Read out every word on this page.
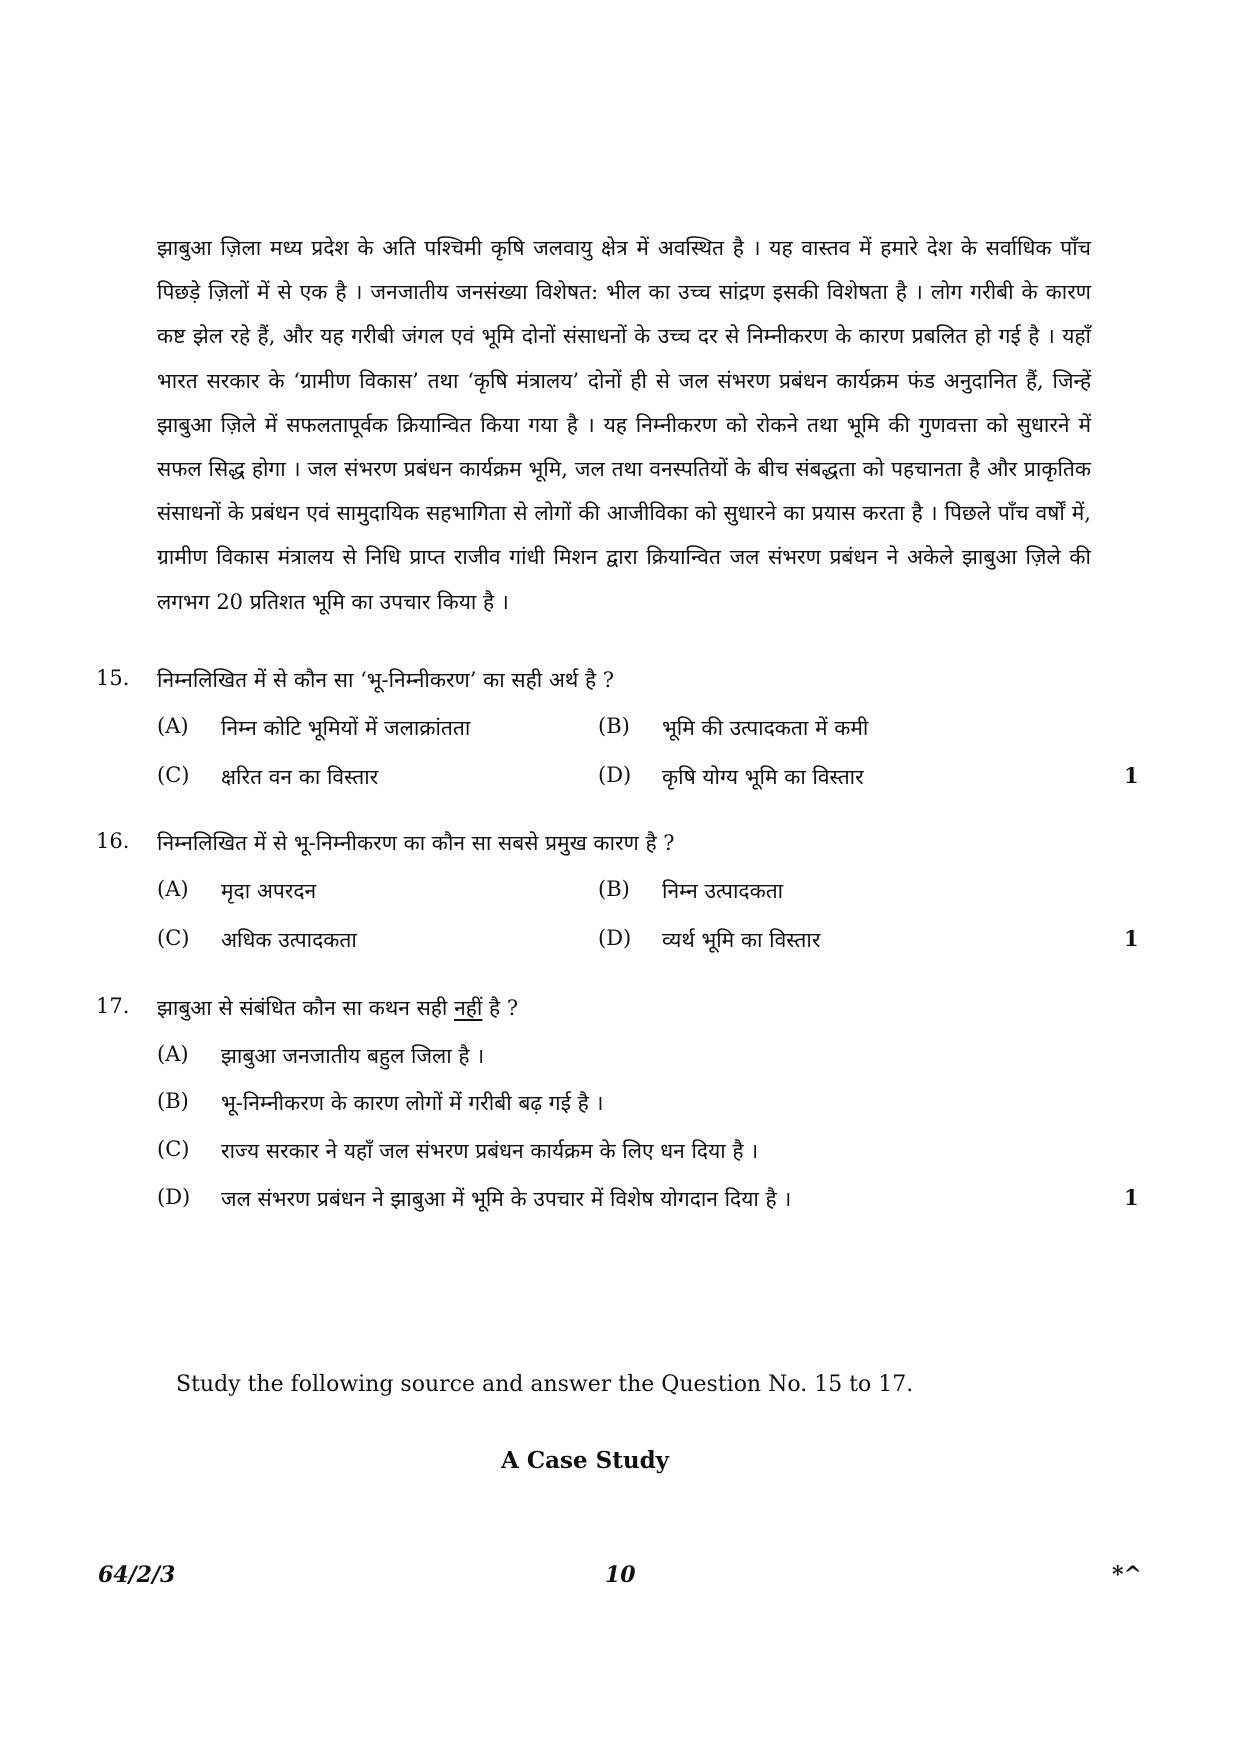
झाबुआ ज़िला मध्य प्रदेश के अति पश्चिमी कृषि जलवायु क्षेत्र में अवस्थित है । यह वास्तव में हमारे देश के सर्वाधिक पाँच पिछड़े ज़िलों में से एक है । जनजातीय जनसंख्या विशेषत: भील का उच्च सांद्रण इसकी विशेषता है । लोग गरीबी के कारण कष्ट झेल रहे हैं, और यह गरीबी जंगल एवं भूमि दोनों संसाधनों के उच्च दर से निम्नीकरण के कारण प्रबलित हो गई है । यहाँ भारत सरकार के ‘ग्रामीण विकास’ तथा ‘कृषि मंत्रालय’ दोनों ही से जल संभरण प्रबंधन कार्यक्रम फंड अनुदानित हैं, जिन्हें झाबुआ ज़िले में सफलतापूर्वक क्रियान्वित किया गया है । यह निम्नीकरण को रोकने तथा भूमि की गुणवत्ता को सुधारने में सफल सिद्ध होगा । जल संभरण प्रबंधन कार्यक्रम भूमि, जल तथा वनस्पतियों के बीच संबद्धता को पहचानता है और प्राकृतिक संसाधनों के प्रबंधन एवं सामुदायिक सहभागिता से लोगों की आजीविका को सुधारने का प्रयास करता है । पिछले पाँच वर्षों में, ग्रामीण विकास मंत्रालय से निधि प्राप्त राजीव गांधी मिशन द्वारा क्रियान्वित जल संभरण प्रबंधन ने अकेले झाबुआ ज़िले की लगभग 20 प्रतिशत भूमि का उपचार किया है ।

15. निम्नलिखित में से कौन सा ‘भू-निम्नीकरण’ का सही अर्थ है ?
(A) निम्न कोटि भूमियों में जलाक्रांतता	(B) भूमि की उत्पादकता में कमी
(C) क्षरित वन का विस्तार	(D) कृषि योग्य भूमि का विस्तार	1
16. निम्नलिखित में से भू-निम्नीकरण का कौन सा सबसे प्रमुख कारण है ?
(A) मृदा अपरदन	(B) निम्न उत्पादकता
(C) अधिक उत्पादकता	(D) व्यर्थ भूमि का विस्तार	1
17. झाबुआ से संबंधित कौन सा कथन सही नहीं है ?
(A) झाबुआ जनजातीय बहुल जिला है ।
(B) भू-निम्नीकरण के कारण लोगों में गरीबी बढ़ गई है ।
(C) राज्य सरकार ने यहाँ जल संभरण प्रबंधन कार्यक्रम के लिए धन दिया है ।
(D) जल संभरण प्रबंधन ने झाबुआ में भूमि के उपचार में विशेष योगदान दिया है ।	1
Study the following source and answer the Question No. 15 to 17.
A Case Study
64/2/3	10	*^
